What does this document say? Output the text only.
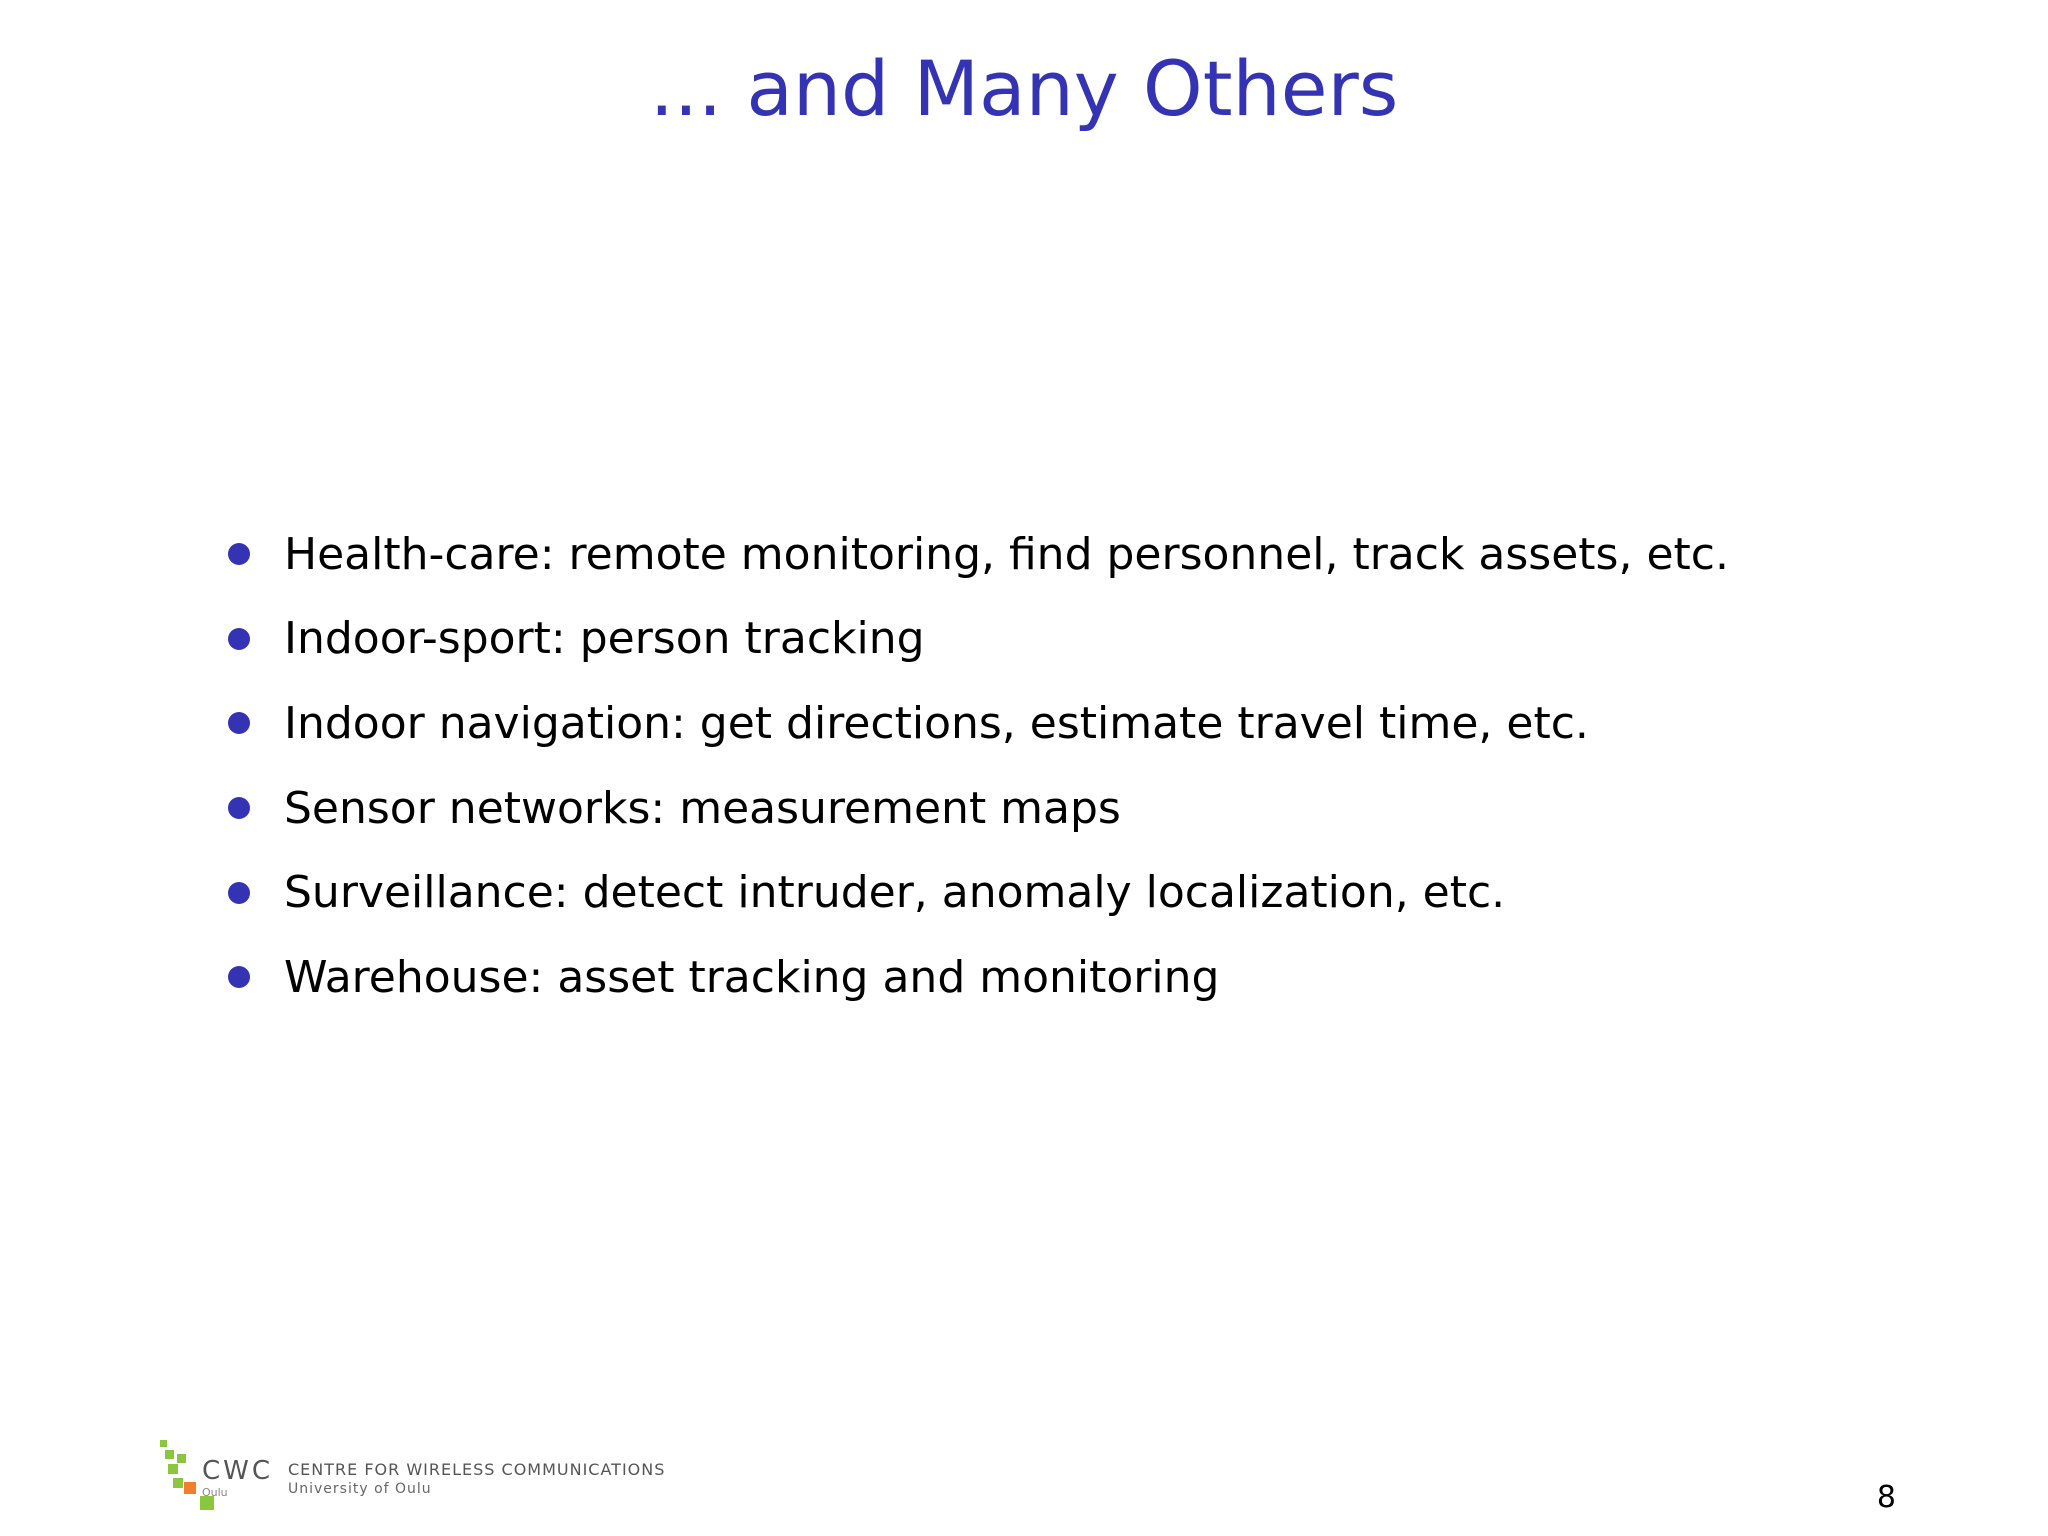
... and Many Others
Health-care: remote monitoring, find personnel, track assets, etc.
Indoor-sport: person tracking
Indoor navigation: get directions, estimate travel time, etc.
Sensor networks: measurement maps
Surveillance: detect intruder, anomaly localization, etc.
Warehouse: asset tracking and monitoring
CWC
Oulu
CENTRE FOR WIRELESS COMMUNICATIONS
University of Oulu	8
